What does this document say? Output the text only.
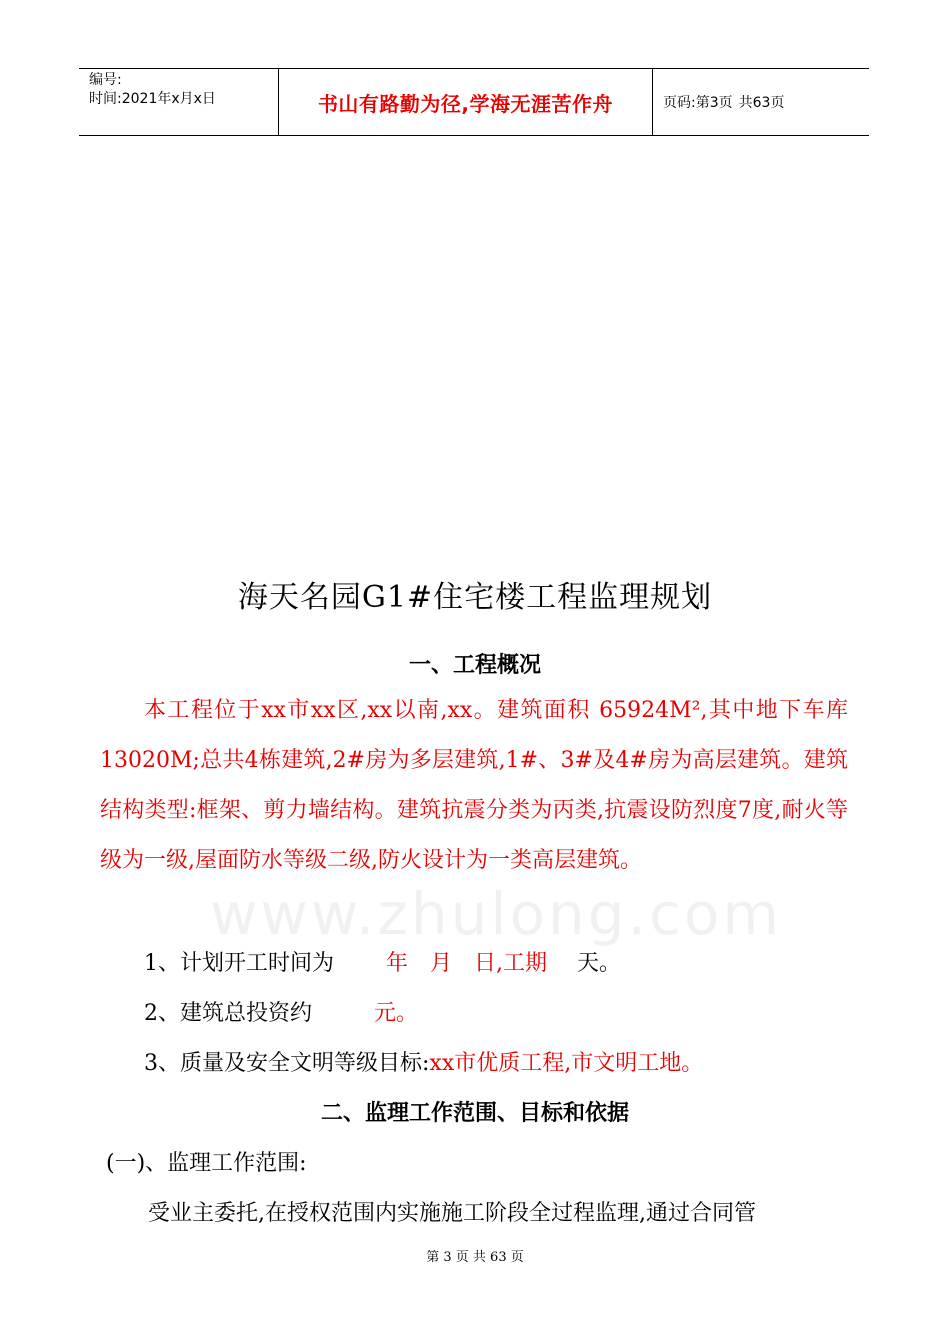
编号:
时间:2021年x月x日	书山有路勤为径,学海无涯苦作舟	页码:第3页 共63页
海天名园G1#住宅楼工程监理规划
一、工程概况
本工程位于xx市xx区,xx以南,xx。建筑面积 65924M²,其中地下车库13020M;总共4栋建筑,2#房为多层建筑,1#、3#及4#房为高层建筑。建筑结构类型:框架、剪力墙结构。建筑抗震分类为丙类,抗震设防烈度7度,耐火等级为一级,屋面防水等级二级,防火设计为一类高层建筑。
www.zhulong.com
1、计划开工时间为 年 月 日,工期 天。
2、建筑总投资约	元。
3、质量及安全文明等级目标:xx市优质工程,市文明工地。
二、监理工作范围、目标和依据
(一)、监理工作范围:
受业主委托,在授权范围内实施施工阶段全过程监理,通过合同管
第 3 页 共 63 页
